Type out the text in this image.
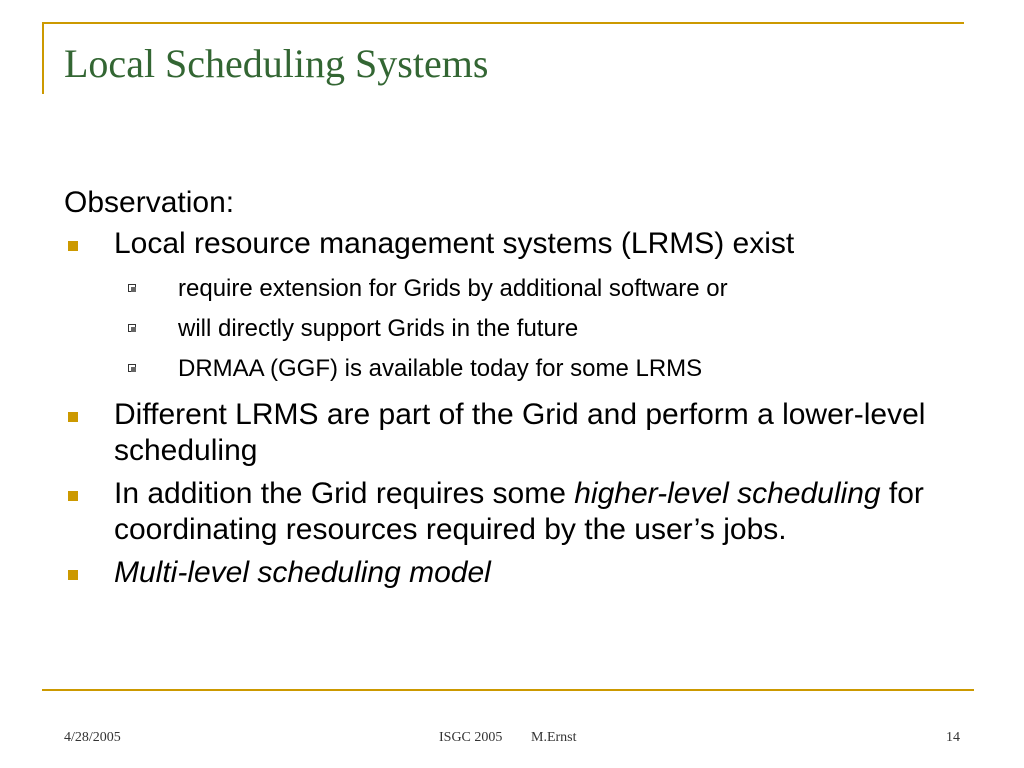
Local Scheduling Systems
Observation:
Local resource management systems (LRMS) exist
require extension for Grids by additional software or
will directly support Grids in the future
DRMAA (GGF) is available today for some LRMS
Different LRMS are part of the Grid and perform a lower-level scheduling
In addition the Grid requires some higher-level scheduling for coordinating resources required by the user’s jobs.
Multi-level scheduling model
4/28/2005	ISGC 2005 M.Ernst	14
